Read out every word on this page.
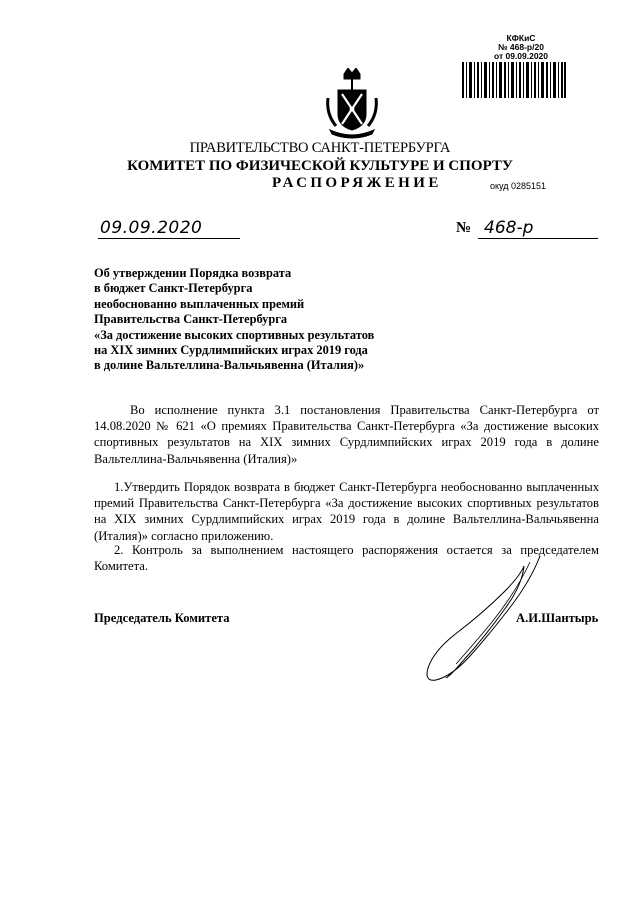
КФКиС
№ 468-р/20
от 09.09.2020
ПРАВИТЕЛЬСТВО САНКТ-ПЕТЕРБУРГА
КОМИТЕТ ПО ФИЗИЧЕСКОЙ КУЛЬТУРЕ И СПОРТУ
РАСПОРЯЖЕНИЕ	окуд 0285151
09.09.2020	№ 468-р
Об утверждении Порядка возврата
в бюджет Санкт-Петербурга
необоснованно выплаченных премий
Правительства Санкт-Петербурга
«За достижение высоких спортивных результатов
на XIX зимних Сурдлимпийских играх 2019 года
в долине Вальтеллина-Вальчьявенна (Италия)»
Во исполнение пункта 3.1 постановления Правительства Санкт-Петербурга от 14.08.2020 № 621 «О премиях Правительства Санкт-Петербурга «За достижение высоких спортивных результатов на XIX зимних Сурдлимпийских играх 2019 года в долине Вальтеллина-Вальчьявенна (Италия)»
1.Утвердить Порядок возврата в бюджет Санкт-Петербурга необоснованно выплаченных премий Правительства Санкт-Петербурга «За достижение высоких спортивных результатов на XIX зимних Сурдлимпийских играх 2019 года в долине Вальтеллина-Вальчьявенна (Италия)» согласно приложению.
2. Контроль за выполнением настоящего распоряжения остается за председателем Комитета.
Председатель Комитета	А.И.Шантырь
